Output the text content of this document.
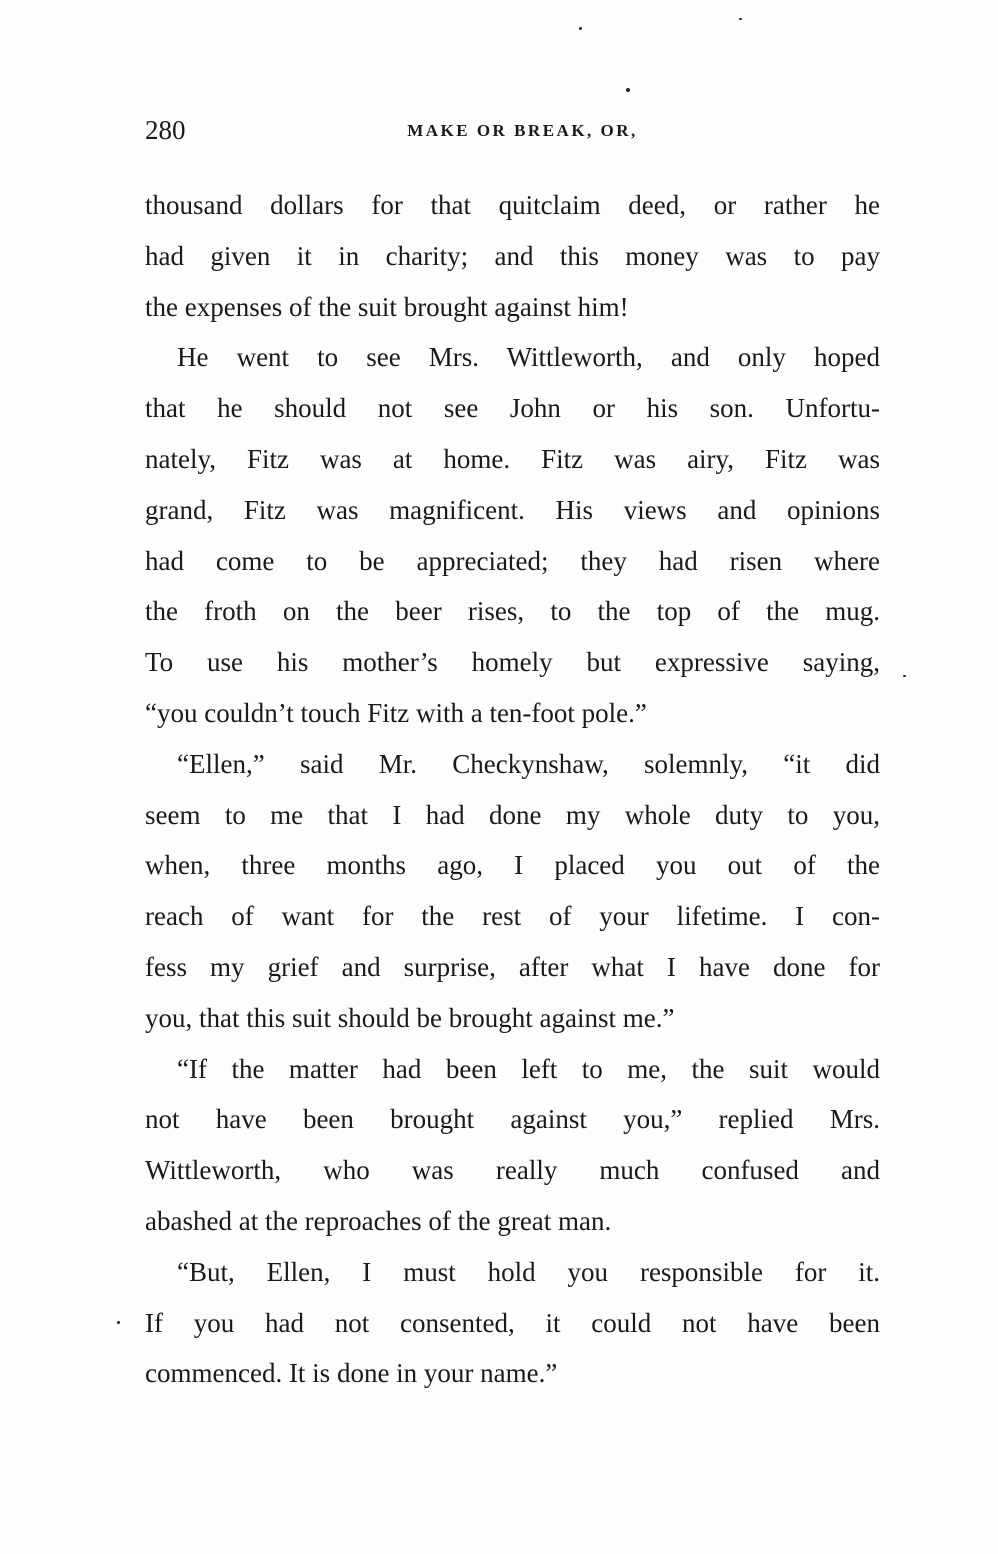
280	MAKE OR BREAK, OR,
thousand dollars for that quitclaim deed, or rather he
had given it in charity; and this money was to pay
the expenses of the suit brought against him!
He went to see Mrs. Wittleworth, and only hoped
that he should not see John or his son. Unfortu-
nately, Fitz was at home. Fitz was airy, Fitz was
grand, Fitz was magnificent. His views and opinions
had come to be appreciated; they had risen where
the froth on the beer rises, to the top of the mug.
To use his mother’s homely but expressive saying,
“you couldn’t touch Fitz with a ten-foot pole.”
“Ellen,” said Mr. Checkynshaw, solemnly, “it did
seem to me that I had done my whole duty to you,
when, three months ago, I placed you out of the
reach of want for the rest of your lifetime. I con-
fess my grief and surprise, after what I have done for
you, that this suit should be brought against me.”
“If the matter had been left to me, the suit would
not have been brought against you,” replied Mrs.
Wittleworth, who was really much confused and
abashed at the reproaches of the great man.
“But, Ellen, I must hold you responsible for it.
If you had not consented, it could not have been
commenced. It is done in your name.”
